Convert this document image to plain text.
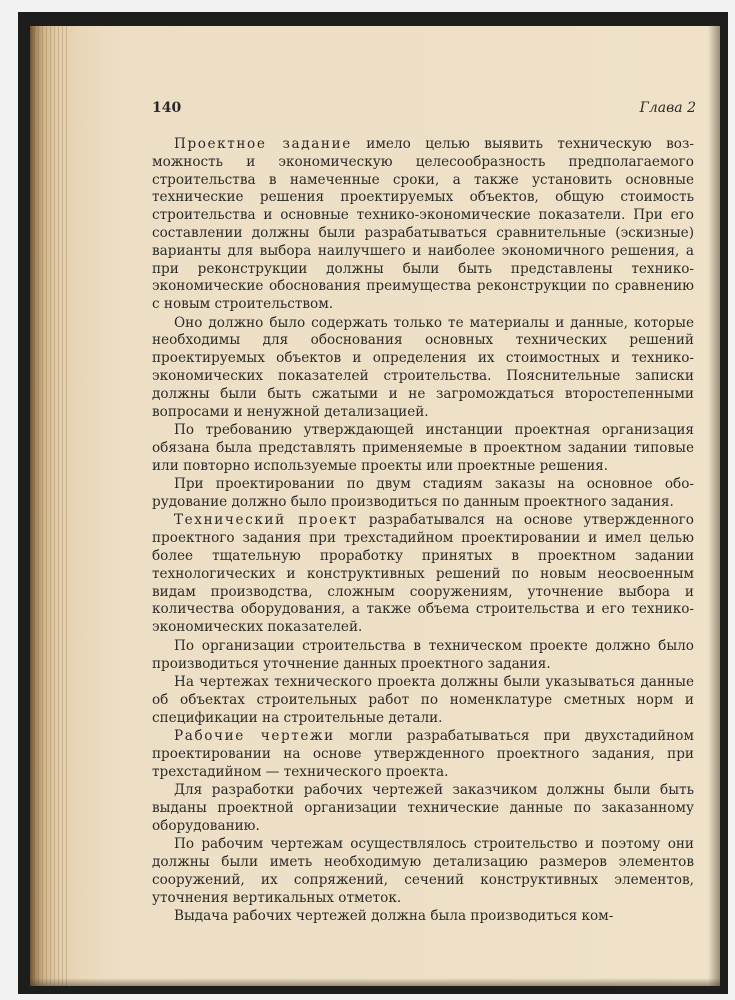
140	Глава 2

Проектное задание имело целью выявить техническую возможность и экономическую целесообразность предполагаемого строительства в намеченные сроки, а также установить основные технические решения проектируемых объектов, общую стоимость строительства и основные технико-экономические показатели. При его составлении должны были разрабатываться сравнительные (эскизные) варианты для выбора наилучшего и наиболее экономичного решения, а при реконструкции должны были быть представлены технико-экономические обоснования преимущества реконструкции по сравнению с новым строительством.

Оно должно было содержать только те материалы и данные, которые необходимы для обоснования основных технических решений проектируемых объектов и определения их стоимостных и технико-экономических показателей строительства. Пояснительные записки должны были быть сжатыми и не загромождаться второстепенными вопросами и ненужной детализацией.

По требованию утверждающей инстанции проектная организация обязана была представлять применяемые в проектном задании типовые или повторно используемые проекты или проектные решения.

При проектировании по двум стадиям заказы на основное оборудование должно было производиться по данным проектного задания.

Технический проект разрабатывался на основе утвержденного проектного задания при трехстадийном проектировании и имел целью более тщательную проработку принятых в проектном задании технологических и конструктивных решений по новым неосвоенным видам производства, сложным сооружениям, уточнение выбора и количества оборудования, а также объема строительства и его технико-экономических показателей.

По организации строительства в техническом проекте должно было производиться уточнение данных проектного задания.

На чертежах технического проекта должны были указываться данные об объектах строительных работ по номенклатуре сметных норм и спецификации на строительные детали.

Рабочие чертежи могли разрабатываться при двухстадийном проектировании на основе утвержденного проектного задания, при трехстадийном — технического проекта.

Для разработки рабочих чертежей заказчиком должны были быть выданы проектной организации технические данные по заказанному оборудованию.

По рабочим чертежам осуществлялось строительство и поэтому они должны были иметь необходимую детализацию размеров элементов сооружений, их сопряжений, сечений конструктивных элементов, уточнения вертикальных отметок.

Выдача рабочих чертежей должна была производиться ком-
